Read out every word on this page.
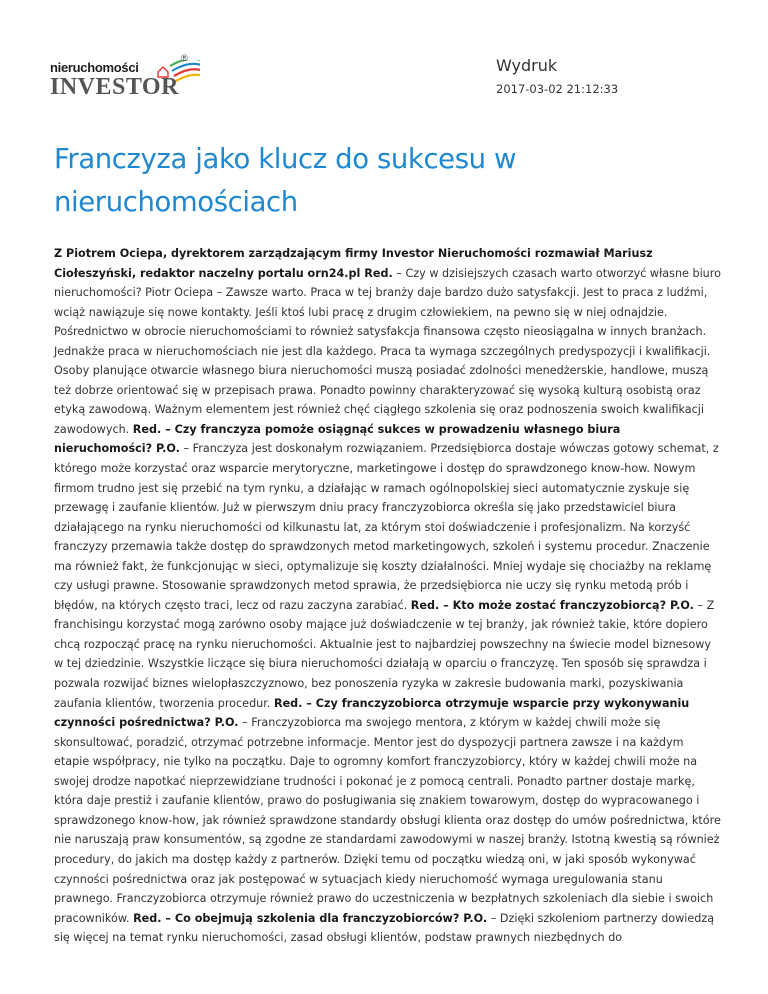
nieruchomości
®
INVESTOR
Wydruk
2017-03-02 21:12:33
Franczyza jako klucz do sukcesu w nieruchomościach

Z Piotrem Ociepa, dyrektorem zarządzającym firmy Investor Nieruchomości rozmawiał Mariusz Ciołeszyński, redaktor naczelny portalu orn24.pl Red. – Czy w dzisiejszych czasach warto otworzyć własne biuro nieruchomości? Piotr Ociepa – Zawsze warto. Praca w tej branży daje bardzo dużo satysfakcji. Jest to praca z ludźmi, wciąż nawiązuje się nowe kontakty. Jeśli ktoś lubi pracę z drugim człowiekiem, na pewno się w niej odnajdzie. Pośrednictwo w obrocie nieruchomościami to również satysfakcja finansowa często nieosiągalna w innych branżach. Jednakże praca w nieruchomościach nie jest dla każdego. Praca ta wymaga szczególnych predyspozycji i kwalifikacji. Osoby planujące otwarcie własnego biura nieruchomości muszą posiadać zdolności menedżerskie, handlowe, muszą też dobrze orientować się w przepisach prawa. Ponadto powinny charakteryzować się wysoką kulturą osobistą oraz etyką zawodową. Ważnym elementem jest również chęć ciągłego szkolenia się oraz podnoszenia swoich kwalifikacji zawodowych. Red. – Czy franczyza pomoże osiągnąć sukces w prowadzeniu własnego biura nieruchomości? P.O. – Franczyza jest doskonałym rozwiązaniem. Przedsiębiorca dostaje wówczas gotowy schemat, z którego może korzystać oraz wsparcie merytoryczne, marketingowe i dostęp do sprawdzonego know-how. Nowym firmom trudno jest się przebić na tym rynku, a działając w ramach ogólnopolskiej sieci automatycznie zyskuje się przewagę i zaufanie klientów. Już w pierwszym dniu pracy franczyzobiorca określa się jako przedstawiciel biura działającego na rynku nieruchomości od kilkunastu lat, za którym stoi doświadczenie i profesjonalizm. Na korzyść franczyzy przemawia także dostęp do sprawdzonych metod marketingowych, szkoleń i systemu procedur. Znaczenie ma również fakt, że funkcjonując w sieci, optymalizuje się koszty działalności. Mniej wydaje się chociażby na reklamę czy usługi prawne. Stosowanie sprawdzonych metod sprawia, że przedsiębiorca nie uczy się rynku metodą prób i błędów, na których często traci, lecz od razu zaczyna zarabiać. Red. – Kto może zostać franczyzobiorcą? P.O. – Z franchisingu korzystać mogą zarówno osoby mające już doświadczenie w tej branży, jak również takie, które dopiero chcą rozpocząć pracę na rynku nieruchomości. Aktualnie jest to najbardziej powszechny na świecie model biznesowy w tej dziedzinie. Wszystkie liczące się biura nieruchomości działają w oparciu o franczyzę. Ten sposób się sprawdza i pozwala rozwijać biznes wielopłaszczyznowo, bez ponoszenia ryzyka w zakresie budowania marki, pozyskiwania zaufania klientów, tworzenia procedur. Red. – Czy franczyzobiorca otrzymuje wsparcie przy wykonywaniu czynności pośrednictwa? P.O. – Franczyzobiorca ma swojego mentora, z którym w każdej chwili może się skonsultować, poradzić, otrzymać potrzebne informacje. Mentor jest do dyspozycji partnera zawsze i na każdym etapie współpracy, nie tylko na początku. Daje to ogromny komfort franczyzobiorcy, który w każdej chwili może na swojej drodze napotkać nieprzewidziane trudności i pokonać je z pomocą centrali. Ponadto partner dostaje markę, która daje prestiż i zaufanie klientów, prawo do posługiwania się znakiem towarowym, dostęp do wypracowanego i sprawdzonego know-how, jak również sprawdzone standardy obsługi klienta oraz dostęp do umów pośrednictwa, które nie naruszają praw konsumentów, są zgodne ze standardami zawodowymi w naszej branży. Istotną kwestią są również procedury, do jakich ma dostęp każdy z partnerów. Dzięki temu od początku wiedzą oni, w jaki sposób wykonywać czynności pośrednictwa oraz jak postępować w sytuacjach kiedy nieruchomość wymaga uregulowania stanu prawnego. Franczyzobiorca otrzymuje również prawo do uczestniczenia w bezpłatnych szkoleniach dla siebie i swoich pracowników. Red. – Co obejmują szkolenia dla franczyzobiorców? P.O. – Dzięki szkoleniom partnerzy dowiedzą się więcej na temat rynku nieruchomości, zasad obsługi klientów, podstaw prawnych niezbędnych do
